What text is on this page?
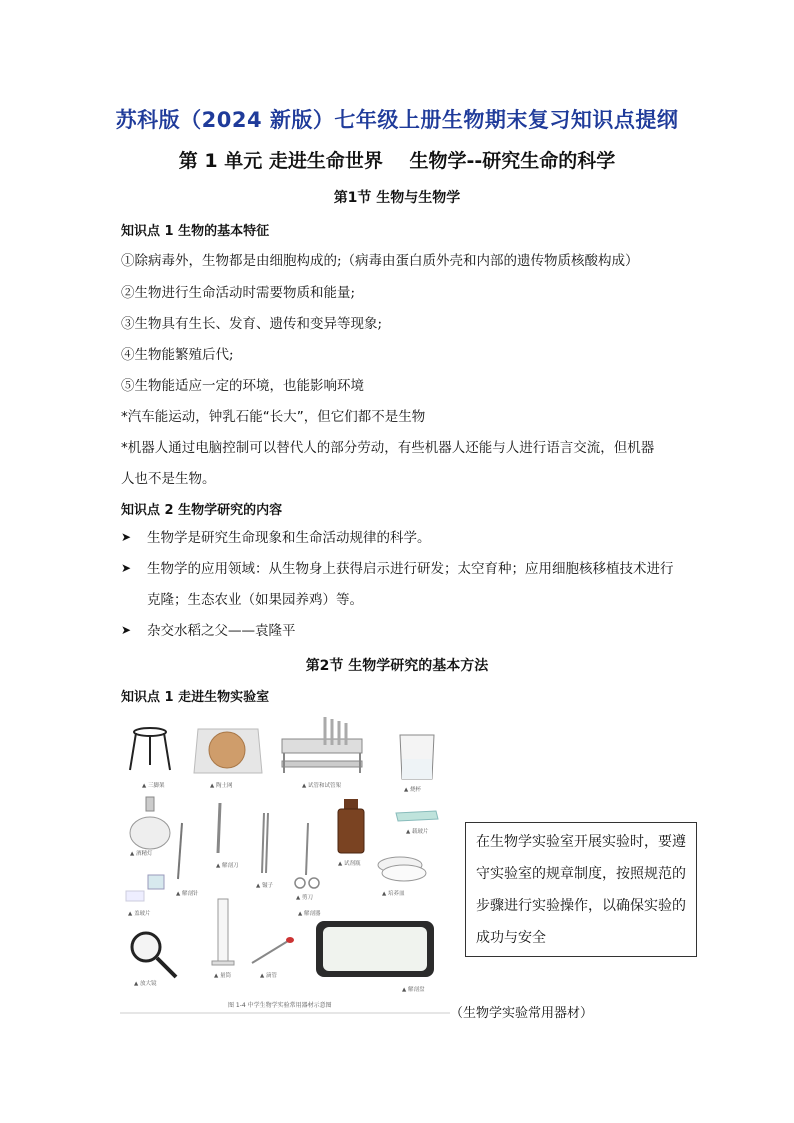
苏科版（2024 新版）七年级上册生物期末复习知识点提纲
第 1 单元 走进生命世界 生物学--研究生命的科学
第1节 生物与生物学
知识点 1 生物的基本特征
①除病毒外，生物都是由细胞构成的;（病毒由蛋白质外壳和内部的遗传物质核酸构成）
②生物进行生命活动时需要物质和能量;
③生物具有生长、发育、遗传和变异等现象;
④生物能繁殖后代;
⑤生物能适应一定的环境，也能影响环境
*汽车能运动，钟乳石能“长大”，但它们都不是生物
*机器人通过电脑控制可以替代人的部分劳动，有些机器人还能与人进行语言交流，但机器
人也不是生物。
知识点 2 生物学研究的内容
➤ 生物学是研究生命现象和生命活动规律的科学。
➤ 生物学的应用领域：从生物身上获得启示进行研发；太空育种；应用细胞核移植技术进行克隆；生态农业（如果园养鸡）等。
➤ 杂交水稻之父——袁隆平
第2节 生物学研究的基本方法
知识点 1 走进生物实验室
▲ 三脚架	▲ 陶土网	▲ 试管和试管架
▲ 烧杯
▲ 载玻片
▲ 酒精灯
▲ 解剖刀
▲ 镊子
▲ 试剂瓶
▲ 解剖针
▲ 剪刀
▲ 培养皿
▲ 盖玻片	▲ 解剖器
▲ 放大镜
▲ 量筒	▲ 滴管
▲ 解剖盘
图 1-4 中学生物学实验常用器材示意图
在生物学实验室开展实验时，要遵守实验室的规章制度，按照规范的步骤进行实验操作，以确保实验的成功与安全
（生物学实验常用器材）
